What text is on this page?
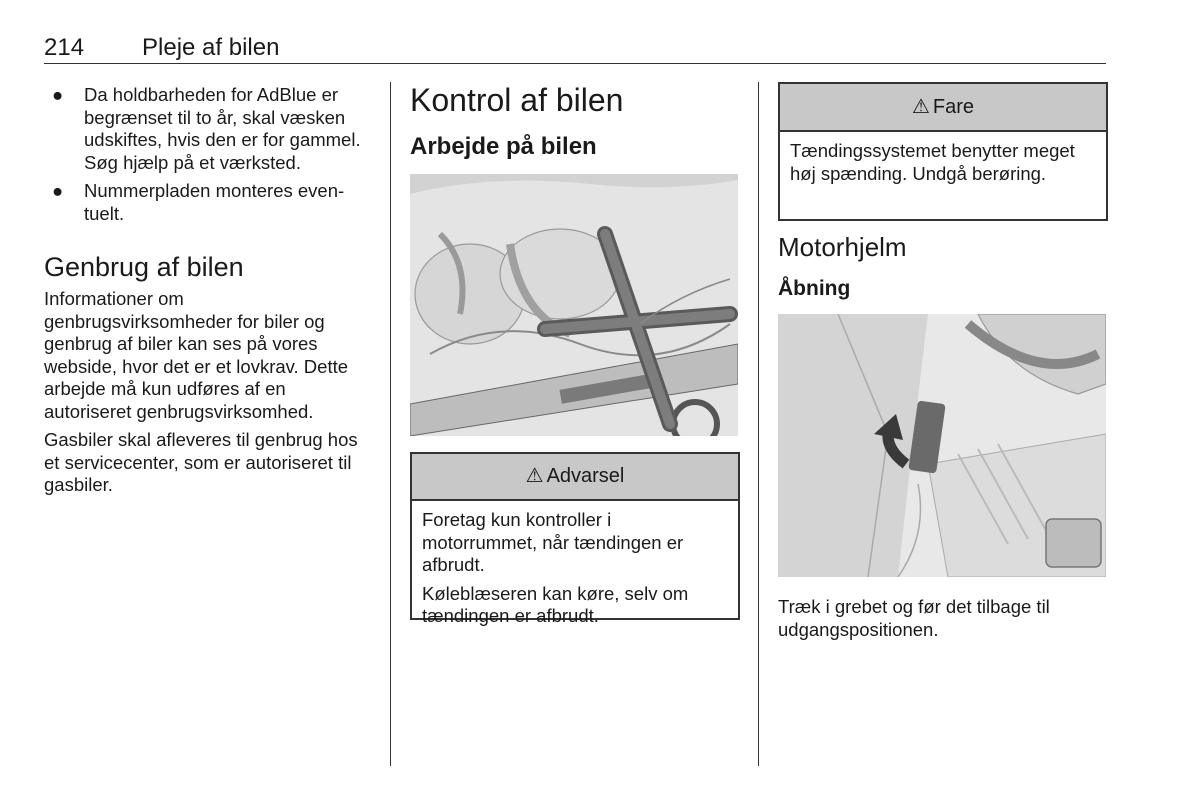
214 Pleje af bilen
● Da holdbarheden for AdBlue er begrænset til to år, skal væsken udskiftes, hvis den er for gammel. Søg hjælp på et værksted.
● Nummerpladen monteres even-tuelt.
Genbrug af bilen

Informationer om genbrugsvirksomheder for biler og genbrug af biler kan ses på vores webside, hvor det er et lovkrav. Dette arbejde må kun udføres af en autoriseret genbrugsvirksomhed.

Gasbiler skal afleveres til genbrug hos et servicecenter, som er autoriseret til gasbiler.

Kontrol af bilen
Arbejde på bilen
⚠ Advarsel

Foretag kun kontroller i motorrummet, når tændingen er afbrudt.

Køleblæseren kan køre, selv om tændingen er afbrudt.

⚠ Fare

Tændingssystemet benytter meget høj spænding. Undgå berøring.

Motorhjelm
Åbning

Træk i grebet og før det tilbage til udgangspositionen.
